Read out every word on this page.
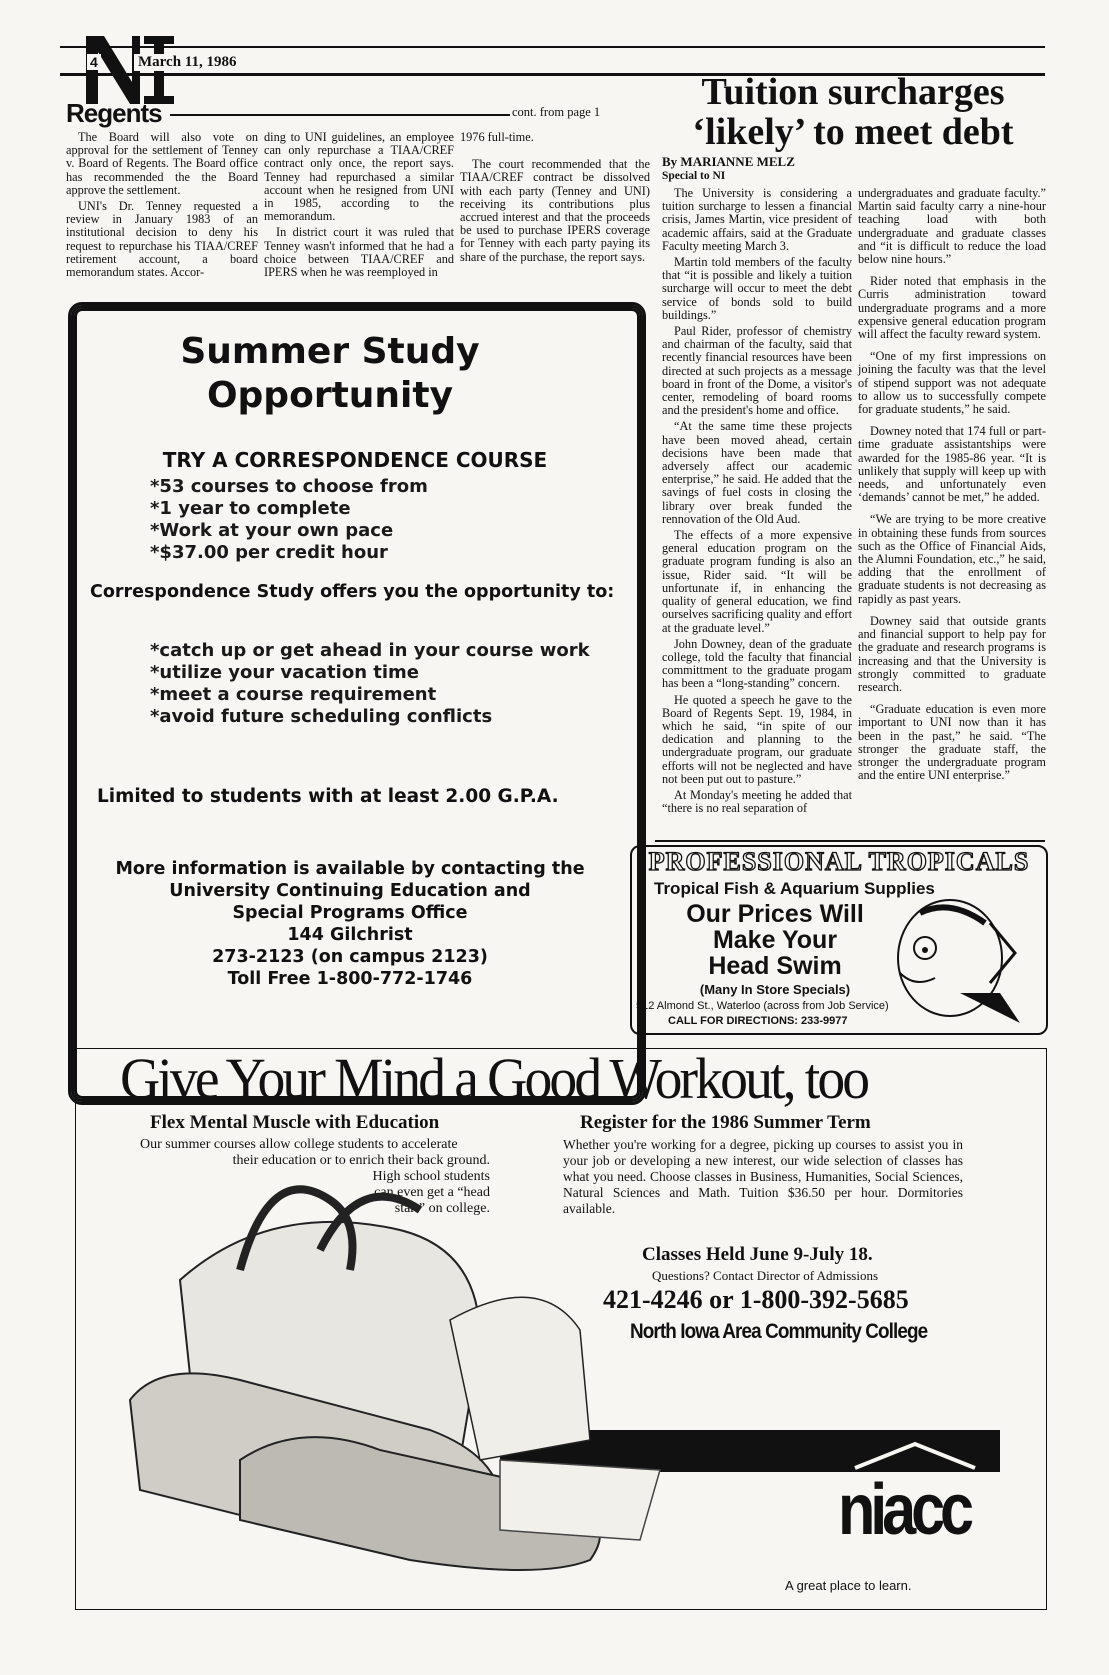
4	March 11, 1986
Regents	cont. from page 1

The Board will also vote on approval for the settlement of Tenney v. Board of Regents. The Board office has recommended the the Board approve the settlement.

UNI's Dr. Tenney requested a review in January 1983 of an institutional decision to deny his request to repurchase his TIAA/CREF retirement account, a board memorandum states. Accor-

ding to UNI guidelines, an employee can only repurchase a TIAA/CREF contract only once, the report says. Tenney had repurchased a similar account when he resigned from UNI in 1985, according to the memorandum.

In district court it was ruled that Tenney wasn't informed that he had a choice between TIAA/CREF and IPERS when he was reemployed in

1976 full-time.

The court recommended that the TIAA/CREF contract be dissolved with each party (Tenney and UNI) receiving its contributions plus accrued interest and that the proceeds be used to purchase IPERS coverage for Tenney with each party paying its share of the purchase, the report says.

Tuition surcharges
‘likely’ to meet debt
By MARIANNE MELZ
Special to NI

The University is considering a tuition surcharge to lessen a financial crisis, James Martin, vice president of academic affairs, said at the Graduate Faculty meeting March 3.

Martin told members of the faculty that “it is possible and likely a tuition surcharge will occur to meet the debt service of bonds sold to build buildings.”

Paul Rider, professor of chemistry and chairman of the faculty, said that recently financial resources have been directed at such projects as a message board in front of the Dome, a visitor's center, remodeling of board rooms and the president's home and office.

“At the same time these projects have been moved ahead, certain decisions have been made that adversely affect our academic enterprise,” he said. He added that the savings of fuel costs in closing the library over break funded the rennovation of the Old Aud.

The effects of a more expensive general education program on the graduate program funding is also an issue, Rider said. “It will be unfortunate if, in enhancing the quality of general education, we find ourselves sacrificing quality and effort at the graduate level.”

John Downey, dean of the graduate college, told the faculty that financial committment to the graduate progam has been a “long-standing” concern.

He quoted a speech he gave to the Board of Regents Sept. 19, 1984, in which he said, “in spite of our dedication and planning to the undergraduate program, our graduate efforts will not be neglected and have not been put out to pasture.”

At Monday's meeting he added that “there is no real separation of

undergraduates and graduate faculty.” Martin said faculty carry a nine-hour teaching load with both undergraduate and graduate classes and “it is difficult to reduce the load below nine hours.”

Rider noted that emphasis in the Curris administration toward undergraduate programs and a more expensive general education program will affect the faculty reward system.

“One of my first impressions on joining the faculty was that the level of stipend support was not adequate to allow us to successfully compete for graduate students,” he said.

Downey noted that 174 full or part-time graduate assistantships were awarded for the 1985-86 year. “It is unlikely that supply will keep up with needs, and unfortunately even ‘demands’ cannot be met,” he added.

“We are trying to be more creative in obtaining these funds from sources such as the Office of Financial Aids, the Alumni Foundation, etc.,” he said, adding that the enrollment of graduate students is not decreasing as rapidly as past years.

Downey said that outside grants and financial support to help pay for the graduate and research programs is increasing and that the University is strongly committed to graduate research.

“Graduate education is even more important to UNI now than it has been in the past,” he said. “The stronger the graduate staff, the stronger the undergraduate program and the entire UNI enterprise.”

Summer Study
Opportunity
TRY A CORRESPONDENCE COURSE
*53 courses to choose from
*1 year to complete
*Work at your own pace
*$37.00 per credit hour
Correspondence Study offers you the opportunity to:
*catch up or get ahead in your course work
*utilize your vacation time
*meet a course requirement
*avoid future scheduling conflicts
Limited to students with at least 2.00 G.P.A.
More information is available by contacting the
University Continuing Education and
Special Programs Office
144 Gilchrist
273-2123 (on campus 2123)
Toll Free 1-800-772-1746
PROFESSIONAL TROPICALS
Tropical Fish & Aquarium Supplies
Our Prices Will
Make Your
Head Swim
(Many In Store Specials)
512 Almond St., Waterloo (across from Job Service)
CALL FOR DIRECTIONS: 233-9977
Give Your Mind a Good Workout, too
Flex Mental Muscle with Education
Our summer courses allow college students to accelerate
their education or to enrich their back ground.
High school students
can even get a “head
start” on college.
Register for the 1986 Summer Term
Whether you're working for a degree, picking up courses to assist you in your job or developing a new interest, our wide selection of classes has what you need. Choose classes in Business, Humanities, Social Sciences, Natural Sciences and Math. Tuition $36.50 per hour. Dormitories available.
Classes Held June 9-July 18.
Questions? Contact Director of Admissions
421-4246 or 1-800-392-5685
North Iowa Area Community College
niacc
A great place to learn.
